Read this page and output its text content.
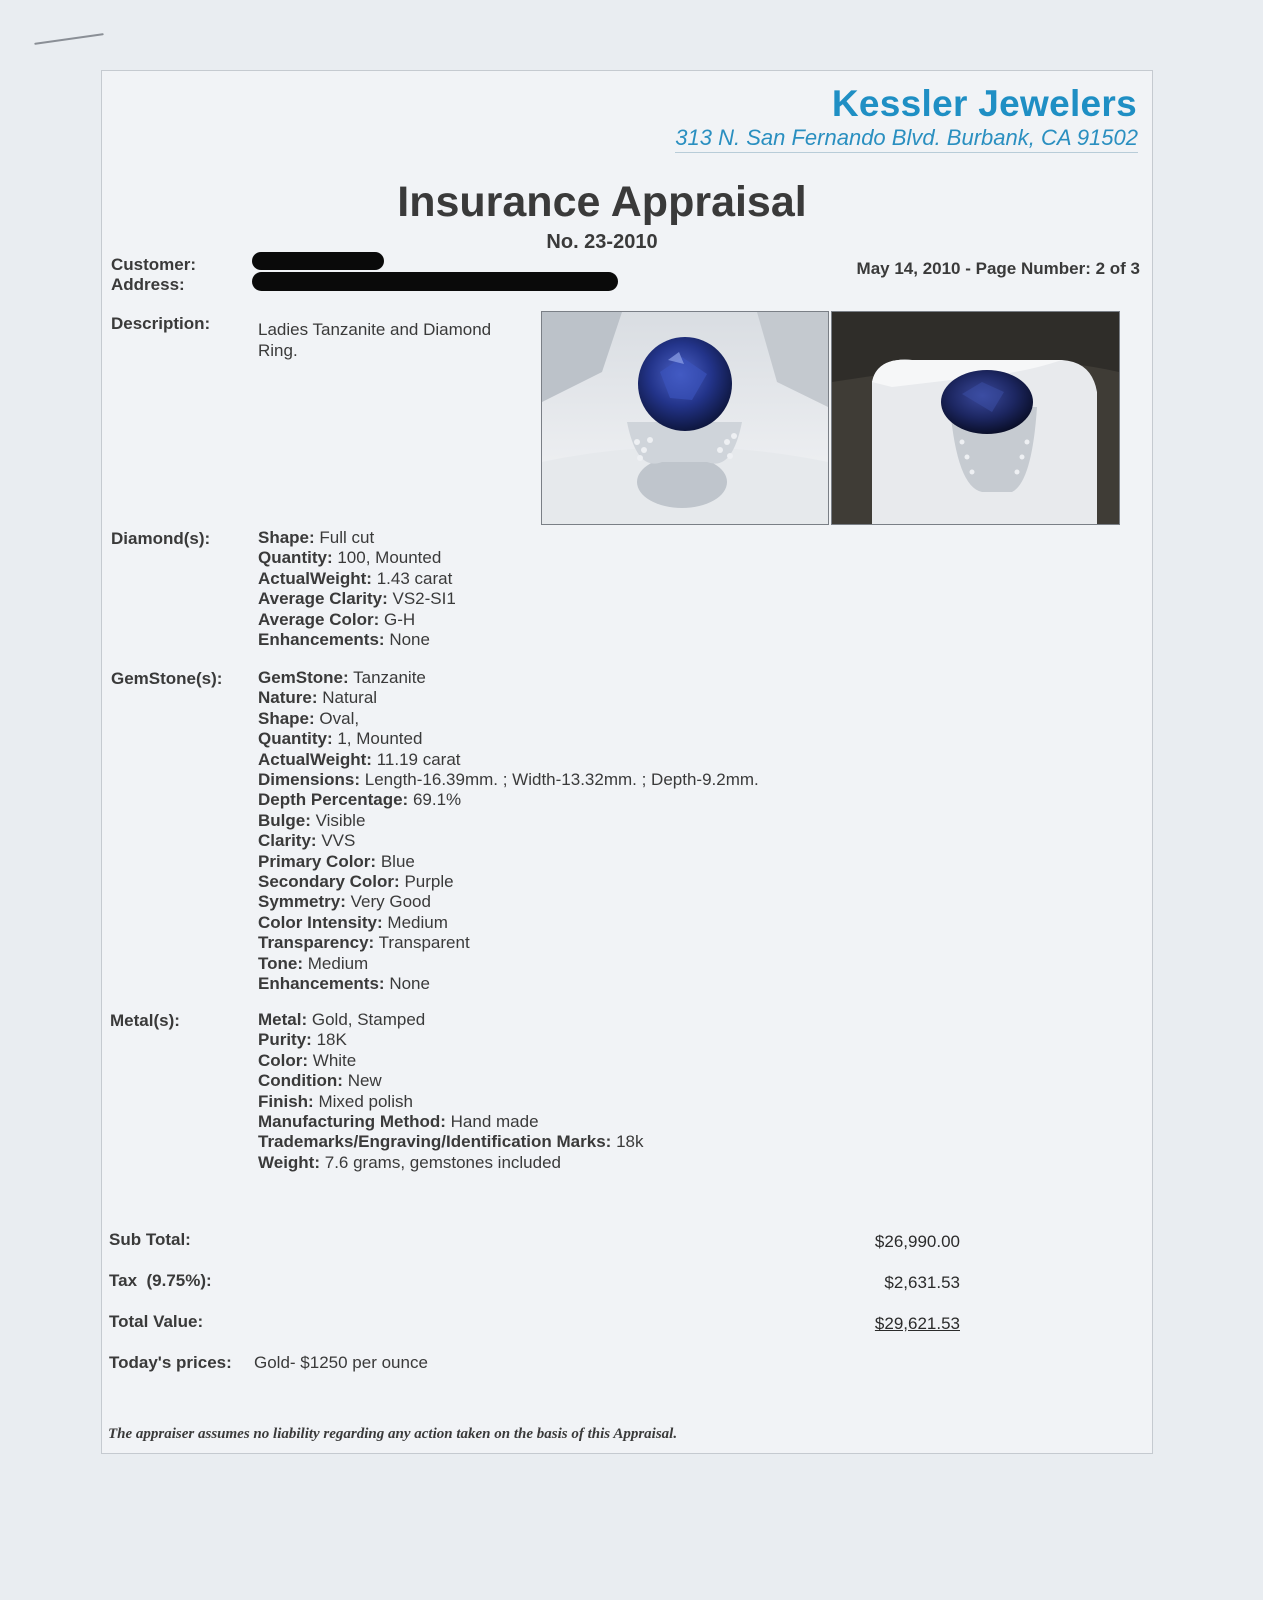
Kessler Jewelers
313 N. San Fernando Blvd. Burbank, CA 91502
Insurance Appraisal
No. 23-2010
Customer:
Address:
May 14, 2010 - Page Number: 2 of 3
Description:	Ladies Tanzanite and Diamond Ring.
Diamond(s):	Shape: Full cut
Quantity: 100, Mounted
ActualWeight: 1.43 carat
Average Clarity: VS2-SI1
Average Color: G-H
Enhancements: None
GemStone(s): GemStone: Tanzanite
Nature: Natural
Shape: Oval,
Quantity: 1, Mounted
ActualWeight: 11.19 carat
Dimensions: Length-16.39mm. ; Width-13.32mm. ; Depth-9.2mm.
Depth Percentage: 69.1%
Bulge: Visible
Clarity: VVS
Primary Color: Blue
Secondary Color: Purple
Symmetry: Very Good
Color Intensity: Medium
Transparency: Transparent
Tone: Medium
Enhancements: None
Metal(s):	Metal: Gold, Stamped
Purity: 18K
Color: White
Condition: New
Finish: Mixed polish
Manufacturing Method: Hand made
Trademarks/Engraving/Identification Marks: 18k
Weight: 7.6 grams, gemstones included
Sub Total:	$26,990.00
Tax  (9.75%):	$2,631.53
Total Value:	$29,621.53
Today's prices: Gold- $1250 per ounce
The appraiser assumes no liability regarding any action taken on the basis of this Appraisal.
